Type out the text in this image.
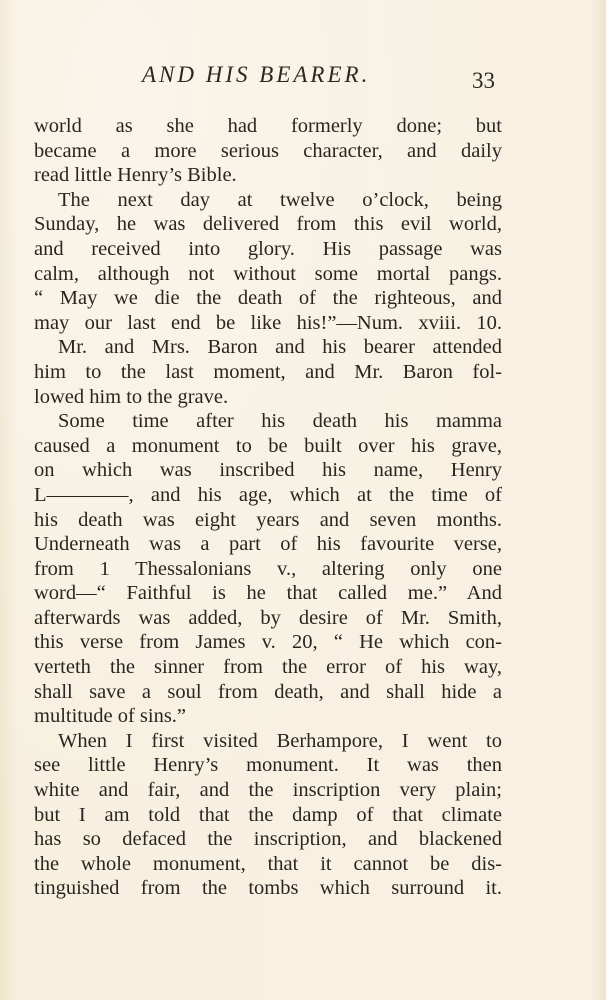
AND HIS BEARER.	33
world as she had formerly done; but
became a more serious character, and daily
read little Henry’s Bible.
The next day at twelve o’clock, being
Sunday, he was delivered from this evil world,
and received into glory. His passage was
calm, although not without some mortal pangs.
“ May we die the death of the righteous, and
may our last end be like his!”—Num. xviii. 10.
Mr. and Mrs. Baron and his bearer attended
him to the last moment, and Mr. Baron fol-
lowed him to the grave.
Some time after his death his mamma
caused a monument to be built over his grave,
on which was inscribed his name, Henry
L————, and his age, which at the time of
his death was eight years and seven months.
Underneath was a part of his favourite verse,
from 1 Thessalonians v., altering only one
word—“ Faithful is he that called me.” And
afterwards was added, by desire of Mr. Smith,
this verse from James v. 20, “ He which con-
verteth the sinner from the error of his way,
shall save a soul from death, and shall hide a
multitude of sins.”
When I first visited Berhampore, I went to
see little Henry’s monument. It was then
white and fair, and the inscription very plain;
but I am told that the damp of that climate
has so defaced the inscription, and blackened
the whole monument, that it cannot be dis-
tinguished from the tombs which surround it.
